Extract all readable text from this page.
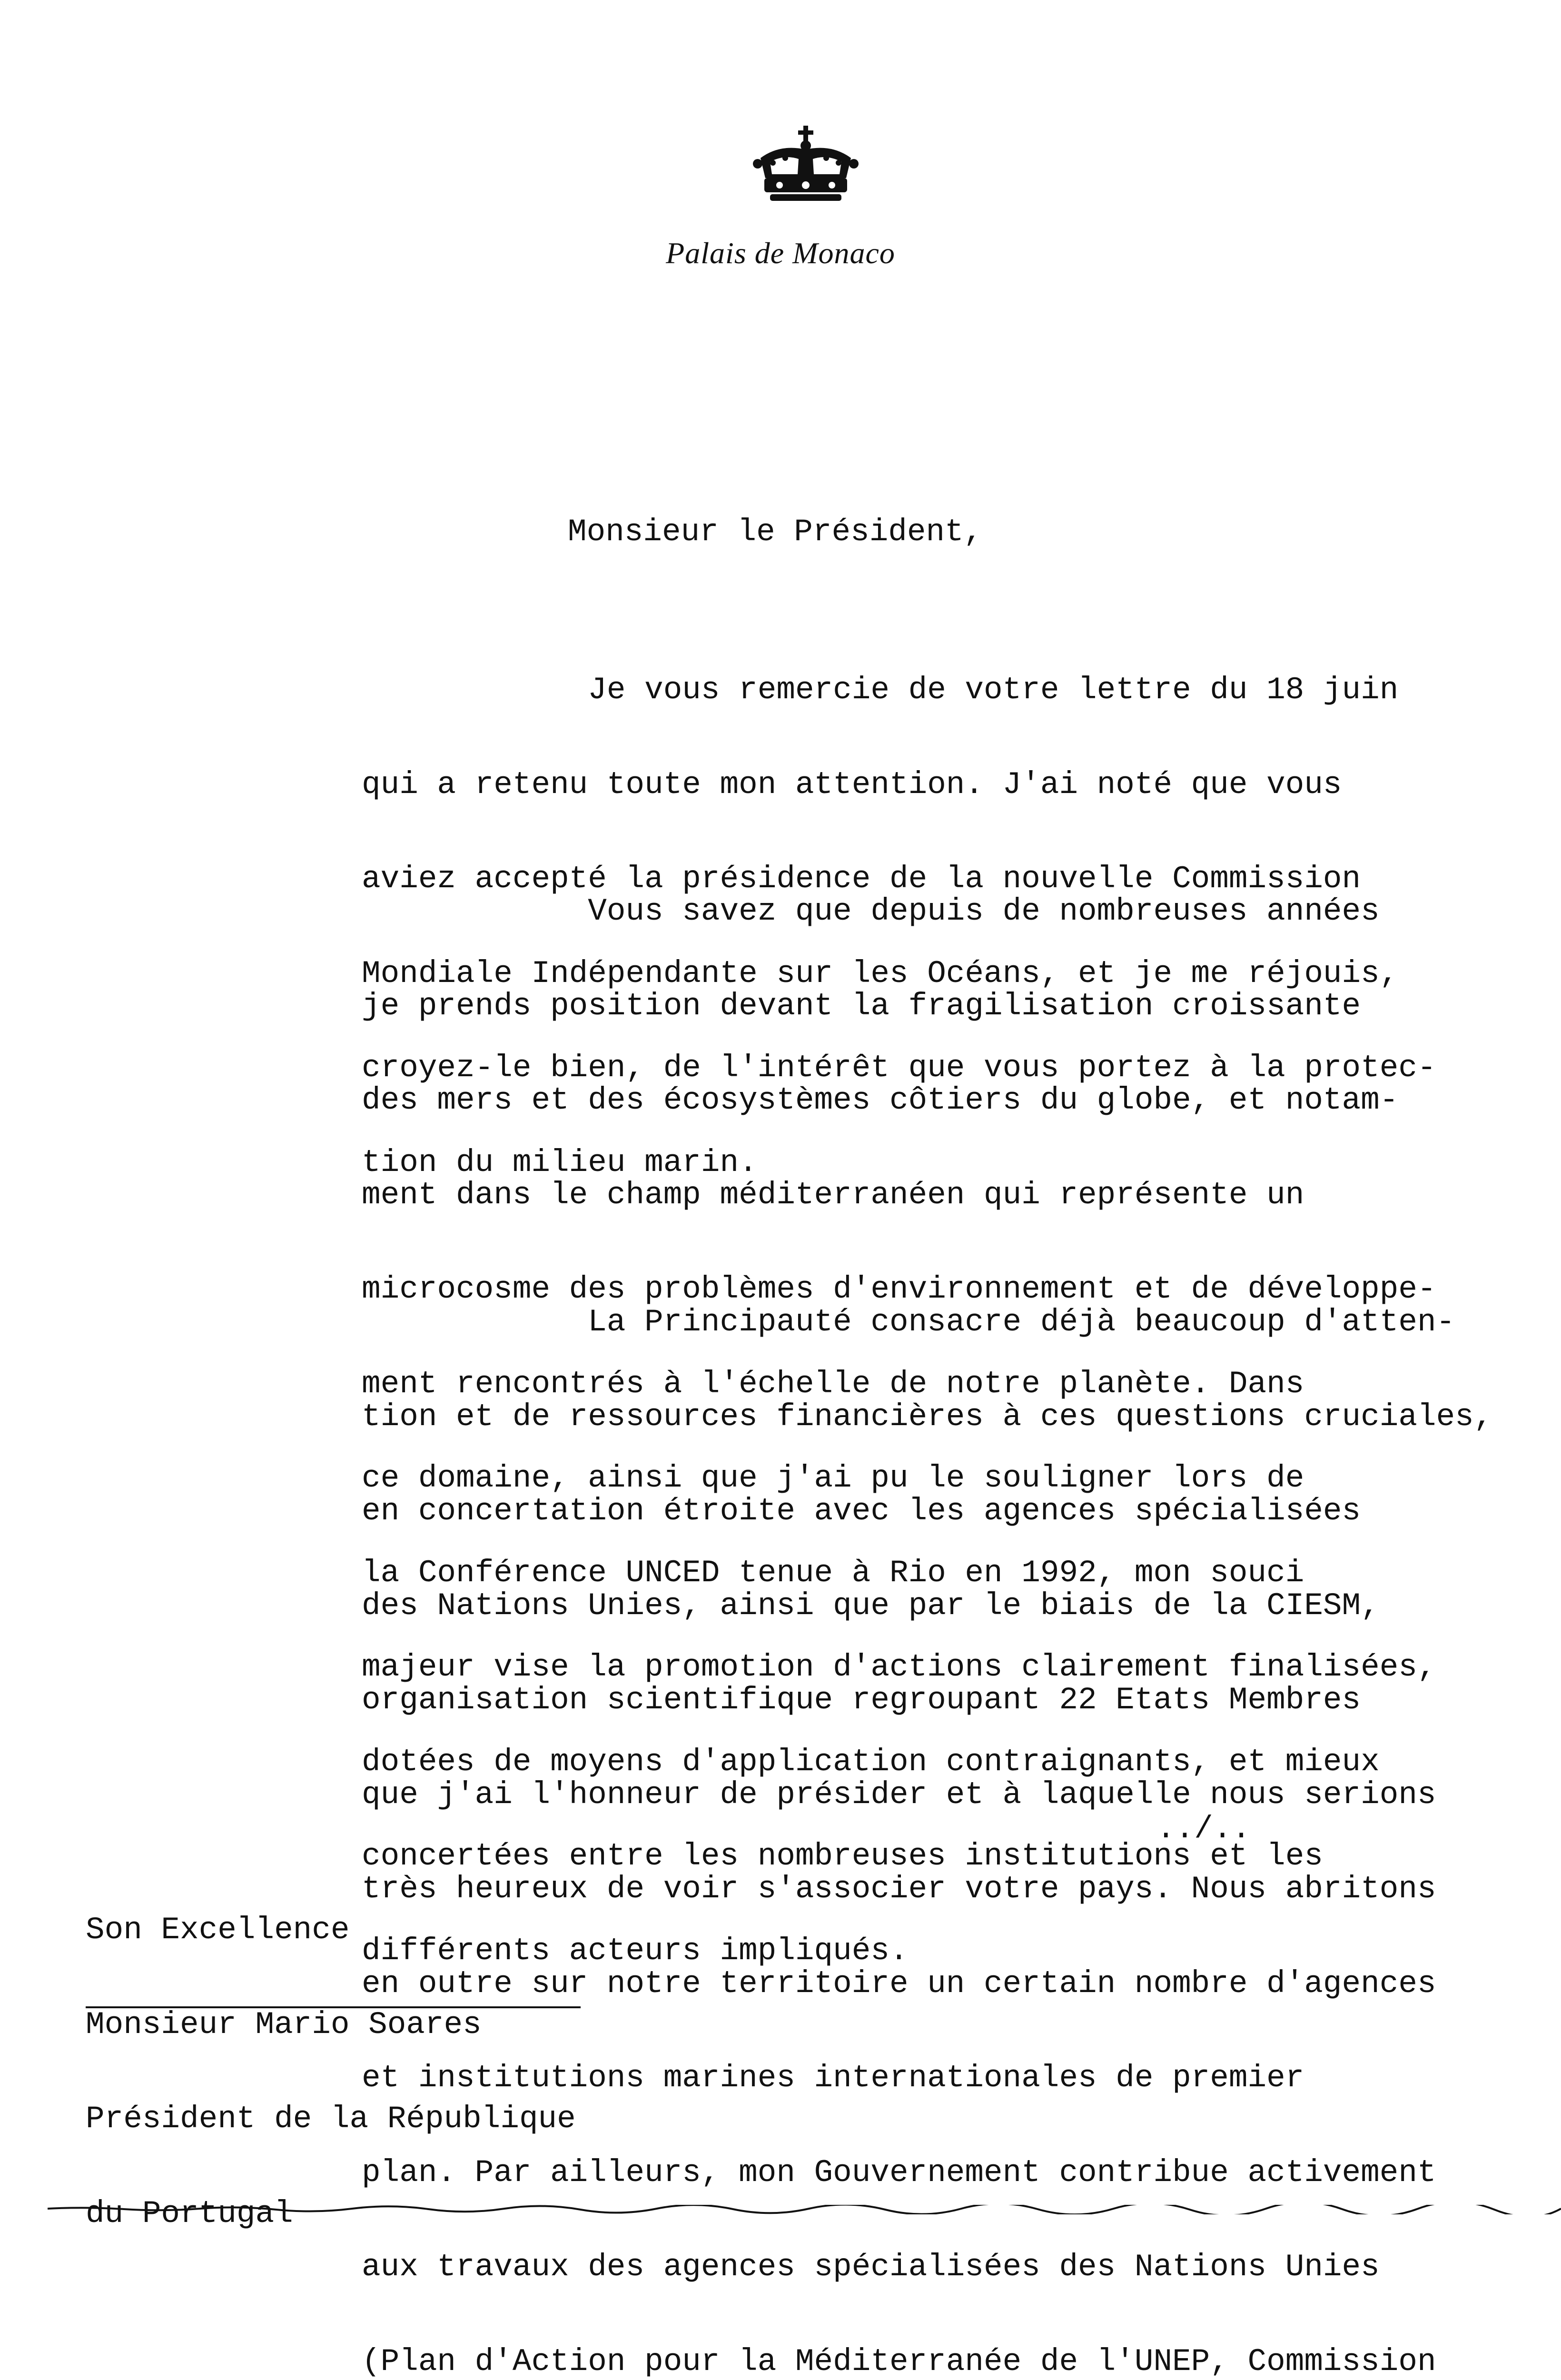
Palais de Monaco
Monsieur le Président,

Je vous remercie de votre lettre du 18 juin

qui a retenu toute mon attention. J'ai noté que vous

aviez accepté la présidence de la nouvelle Commission

Mondiale Indépendante sur les Océans, et je me réjouis,

croyez-le bien, de l'intérêt que vous portez à la protec-

tion du milieu marin.

Vous savez que depuis de nombreuses années

je prends position devant la fragilisation croissante

des mers et des écosystèmes côtiers du globe, et notam-

ment dans le champ méditerranéen qui représente un

microcosme des problèmes d'environnement et de développe-

ment rencontrés à l'échelle de notre planète. Dans

ce domaine, ainsi que j'ai pu le souligner lors de

la Conférence UNCED tenue à Rio en 1992, mon souci

majeur vise la promotion d'actions clairement finalisées,

dotées de moyens d'application contraignants, et mieux

concertées entre les nombreuses institutions et les

différents acteurs impliqués.

La Principauté consacre déjà beaucoup d'atten-

tion et de ressources financières à ces questions cruciales,

en concertation étroite avec les agences spécialisées

des Nations Unies, ainsi que par le biais de la CIESM,

organisation scientifique regroupant 22 Etats Membres

que j'ai l'honneur de présider et à laquelle nous serions

très heureux de voir s'associer votre pays. Nous abritons

en outre sur notre territoire un certain nombre d'agences

et institutions marines internationales de premier

plan. Par ailleurs, mon Gouvernement contribue activement

aux travaux des agences spécialisées des Nations Unies

(Plan d'Action pour la Méditerranée de l'UNEP, Commission

../..

Son Excellence

Monsieur Mario Soares

Président de la République

du Portugal
